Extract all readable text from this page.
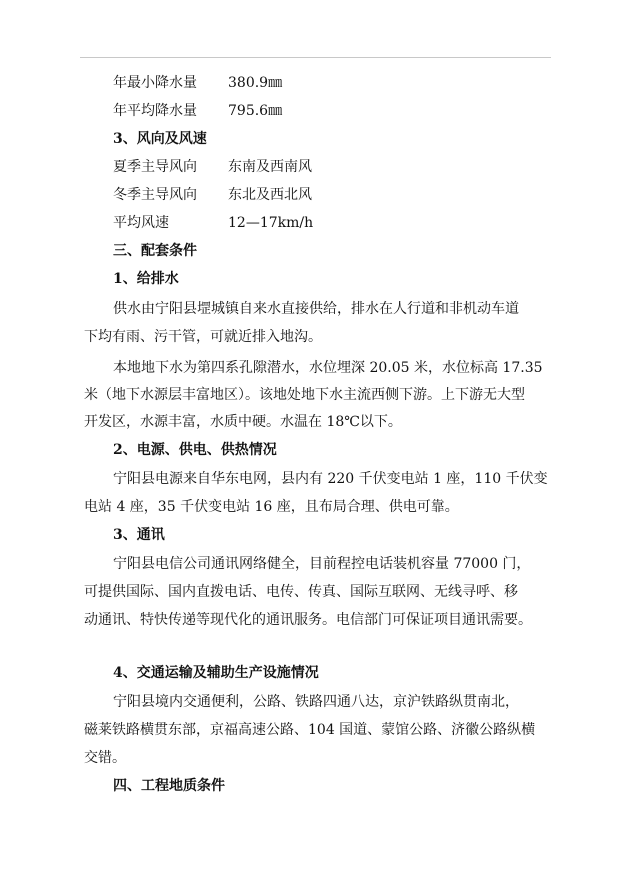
年最小降水量 380.9㎜
年平均降水量 795.6㎜
3、风向及风速
夏季主导风向 东南及西南风
冬季主导风向 东北及西北风
平均风速	12—17km/h
三、配套条件
1、给排水
供水由宁阳县堽城镇自来水直接供给，排水在人行道和非机动车道
下均有雨、污干管，可就近排入地沟。
本地地下水为第四系孔隙潜水，水位埋深 20.05 米，水位标高 17.35
米（地下水源层丰富地区）。该地处地下水主流西侧下游。上下游无大型
开发区，水源丰富，水质中硬。水温在 18℃以下。
2、电源、供电、供热情况
宁阳县电源来自华东电网，县内有 220 千伏变电站 1 座，110 千伏变
电站 4 座，35 千伏变电站 16 座，且布局合理、供电可靠。
3、通讯
宁阳县电信公司通讯网络健全，目前程控电话装机容量 77000 门，
可提供国际、国内直拨电话、电传、传真、国际互联网、无线寻呼、移
动通讯、特快传递等现代化的通讯服务。电信部门可保证项目通讯需要。
4、交通运输及辅助生产设施情况
宁阳县境内交通便利，公路、铁路四通八达，京沪铁路纵贯南北，
磁莱铁路横贯东部，京福高速公路、104 国道、蒙馆公路、济徽公路纵横
交错。
四、工程地质条件
